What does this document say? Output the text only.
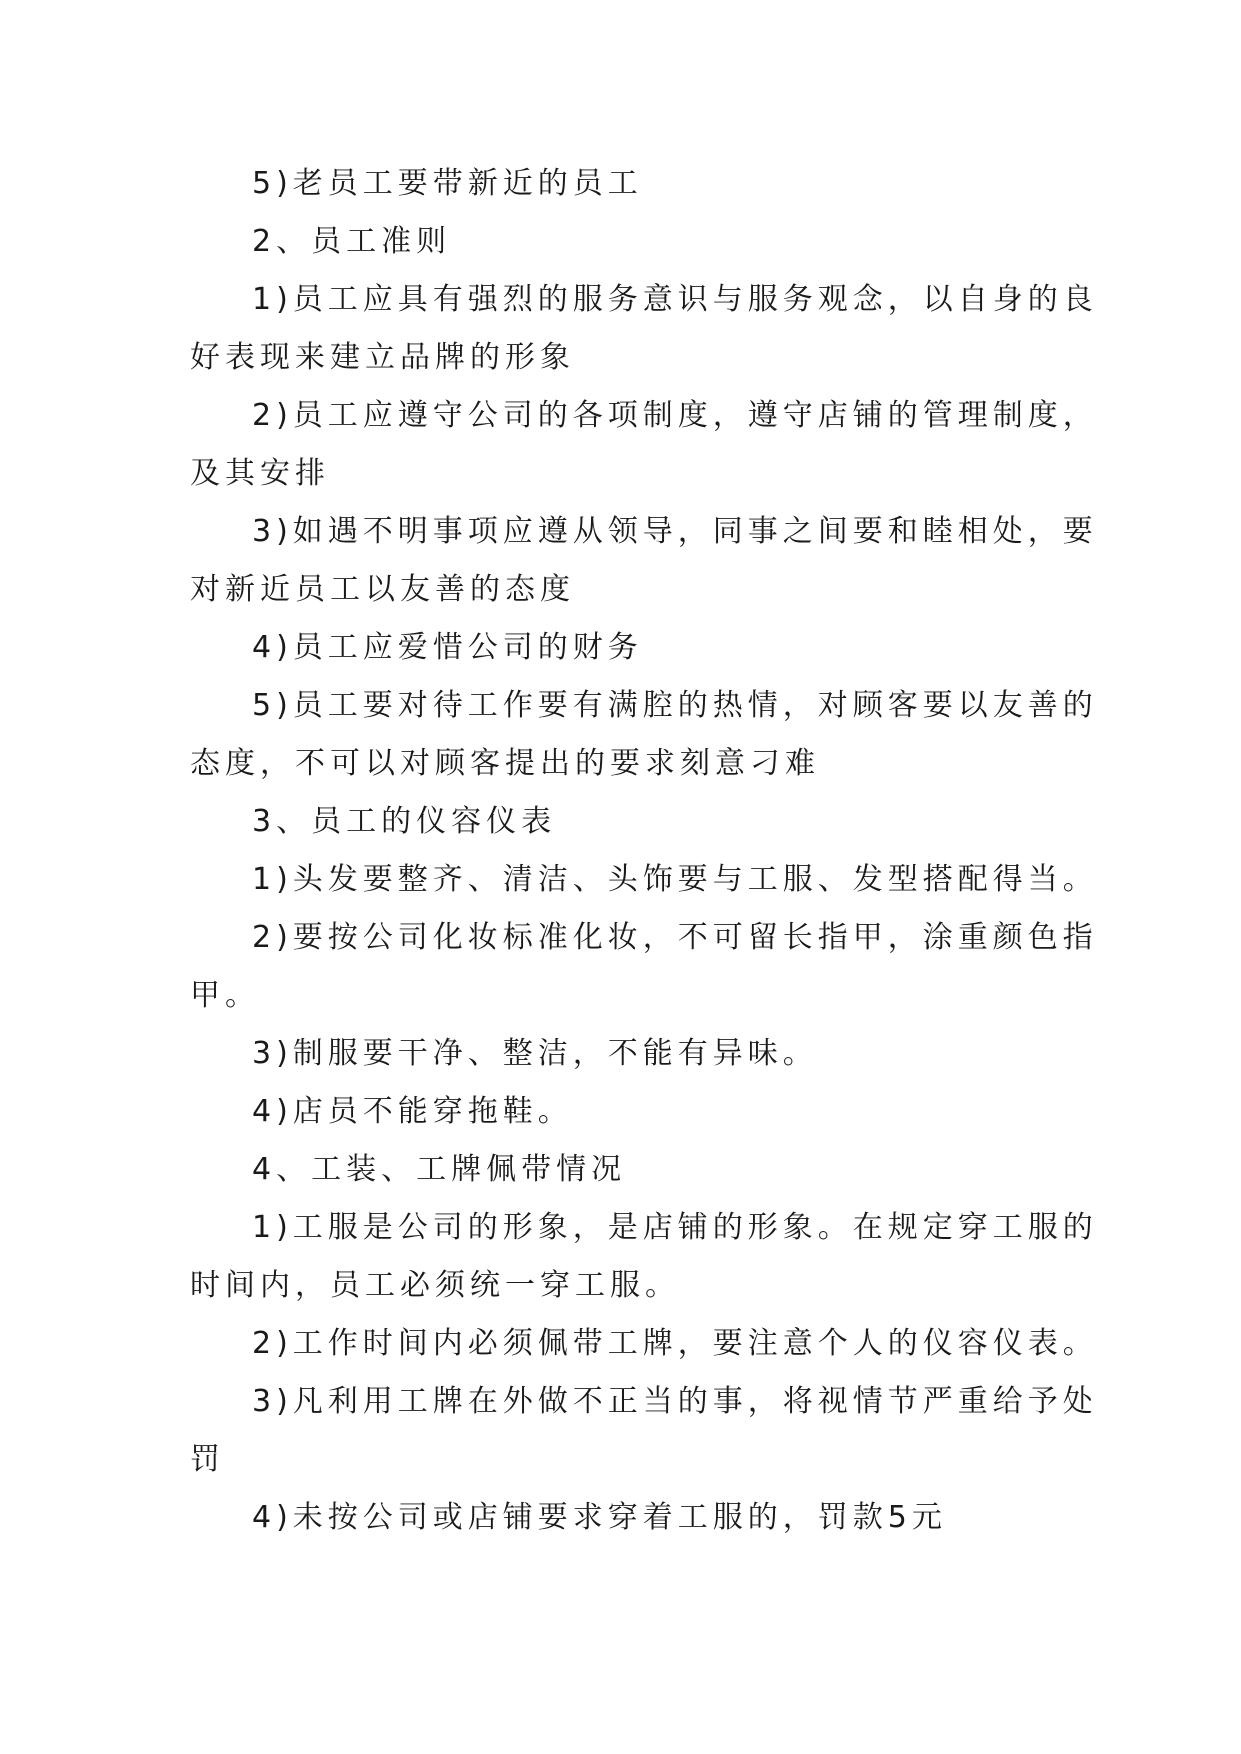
5)老员工要带新近的员工
2、员工准则
1)员工应具有强烈的服务意识与服务观念，以自身的良
好表现来建立品牌的形象
2)员工应遵守公司的各项制度，遵守店铺的管理制度，
及其安排
3)如遇不明事项应遵从领导，同事之间要和睦相处，要
对新近员工以友善的态度
4)员工应爱惜公司的财务
5)员工要对待工作要有满腔的热情，对顾客要以友善的
态度，不可以对顾客提出的要求刻意刁难
3、员工的仪容仪表
1)头发要整齐、清洁、头饰要与工服、发型搭配得当。
2)要按公司化妆标准化妆，不可留长指甲，涂重颜色指
甲。
3)制服要干净、整洁，不能有异味。
4)店员不能穿拖鞋。
4、工装、工牌佩带情况
1)工服是公司的形象，是店铺的形象。在规定穿工服的
时间内，员工必须统一穿工服。
2)工作时间内必须佩带工牌，要注意个人的仪容仪表。
3)凡利用工牌在外做不正当的事，将视情节严重给予处
罚
4)未按公司或店铺要求穿着工服的，罚款5元
